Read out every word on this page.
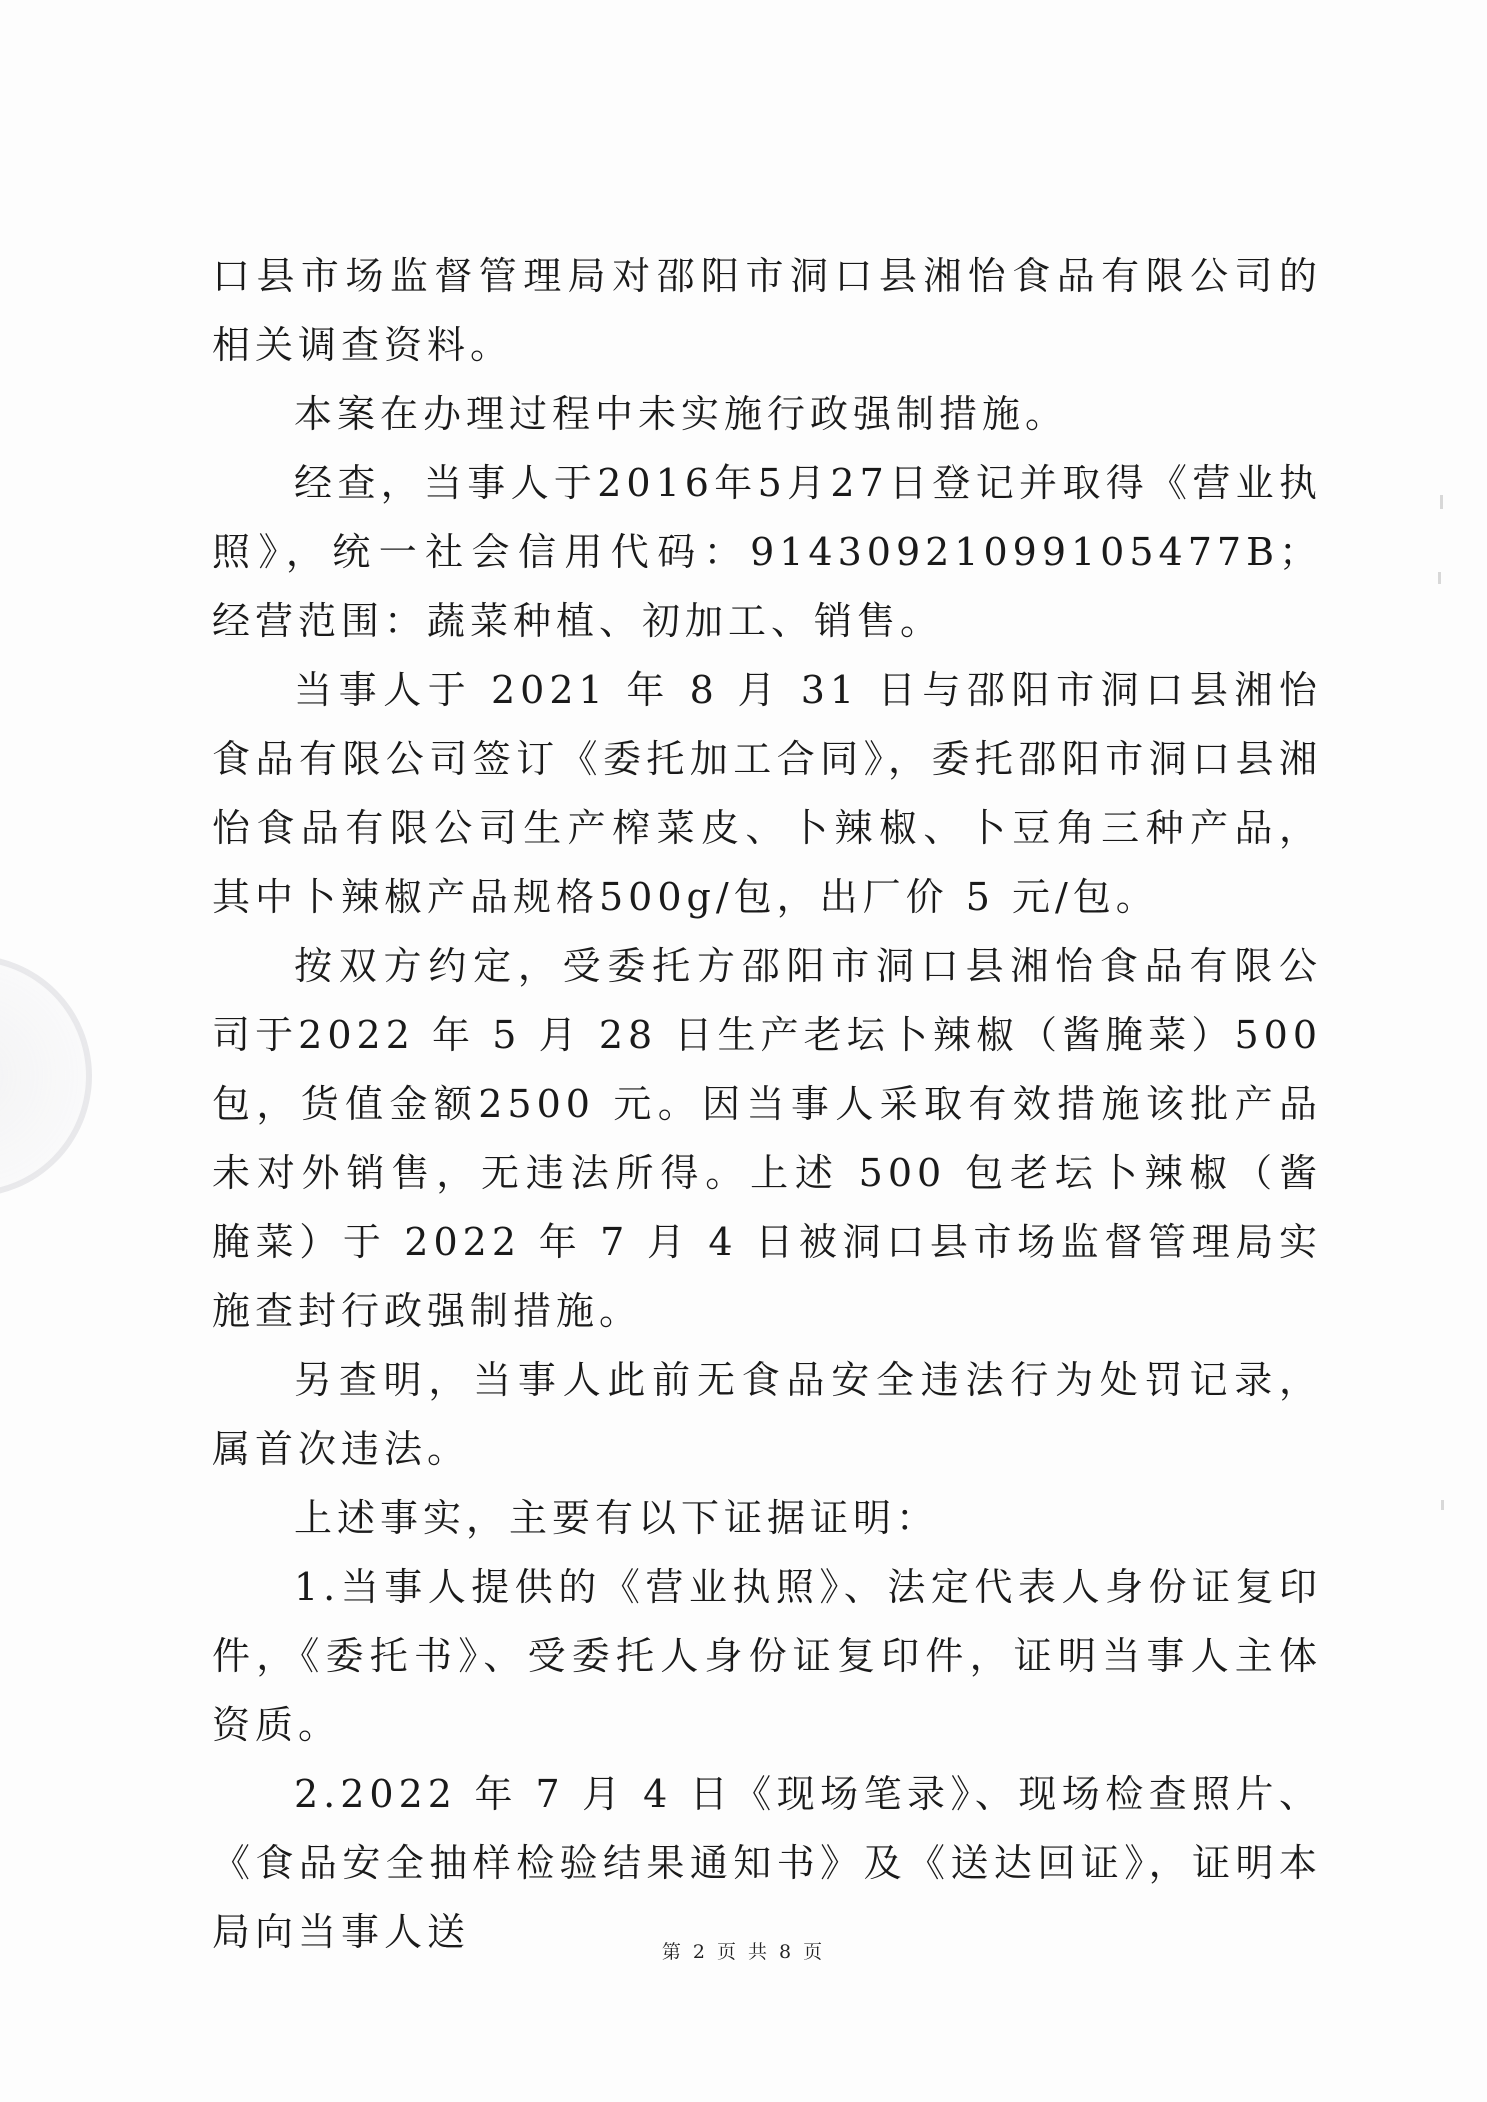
口县市场监督管理局对邵阳市洞口县湘怡食品有限公司的相关调查资料。

本案在办理过程中未实施行政强制措施。

经查，当事人于2016年5月27日登记并取得《营业执照》，统一社会信用代码：91430921099105477B；经营范围：蔬菜种植、初加工、销售。

当事人于 2021 年 8 月 31 日与邵阳市洞口县湘怡食品有限公司签订《委托加工合同》，委托邵阳市洞口县湘怡食品有限公司生产榨菜皮、卜辣椒、卜豆角三种产品，其中卜辣椒产品规格500g/包，出厂价 5 元/包。

按双方约定，受委托方邵阳市洞口县湘怡食品有限公司于2022 年 5 月 28 日生产老坛卜辣椒（酱腌菜）500 包，货值金额2500 元。因当事人采取有效措施该批产品未对外销售，无违法所得。上述 500 包老坛卜辣椒（酱腌菜）于 2022 年 7 月 4 日被洞口县市场监督管理局实施查封行政强制措施。

另查明，当事人此前无食品安全违法行为处罚记录，属首次违法。

上述事实，主要有以下证据证明：

1.当事人提供的《营业执照》、法定代表人身份证复印件，《委托书》、受委托人身份证复印件，证明当事人主体资质。

2.2022 年 7 月 4 日《现场笔录》、现场检查照片、《食品安全抽样检验结果通知书》及《送达回证》，证明本局向当事人送	第 2 页 共 8 页
